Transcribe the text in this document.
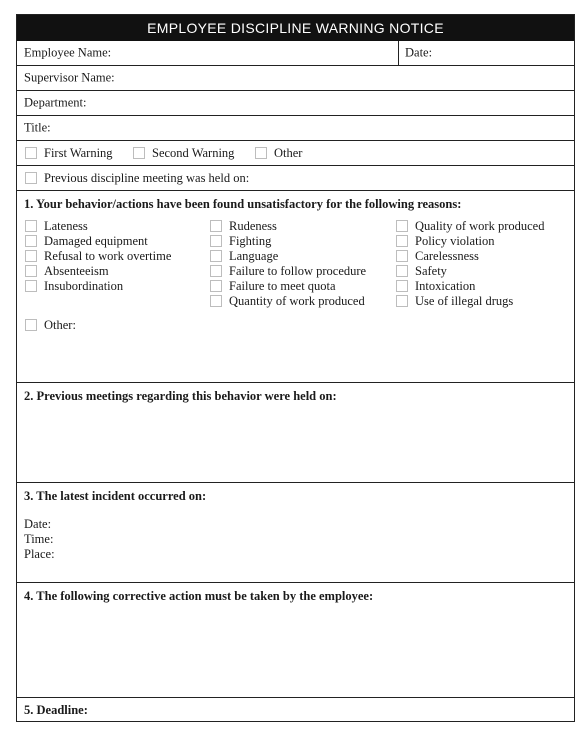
EMPLOYEE DISCIPLINE WARNING NOTICE
Employee Name:	Date:
Supervisor Name:
Department:
Title:
First Warning	Second Warning	Other
Previous discipline meeting was held on:
1. Your behavior/actions have been found unsatisfactory for the following reasons:
Lateness
Damaged equipment
Refusal to work overtime
Absenteeism
Insubordination
Rudeness
Fighting
Language
Failure to follow procedure
Failure to meet quota
Quantity of work produced
Quality of work produced
Policy violation
Carelessness
Safety
Intoxication
Use of illegal drugs
Other:
2. Previous meetings regarding this behavior were held on:
3. The latest incident occurred on:
Date:
Time:
Place:
4. The following corrective action must be taken by the employee:
5. Deadline:
